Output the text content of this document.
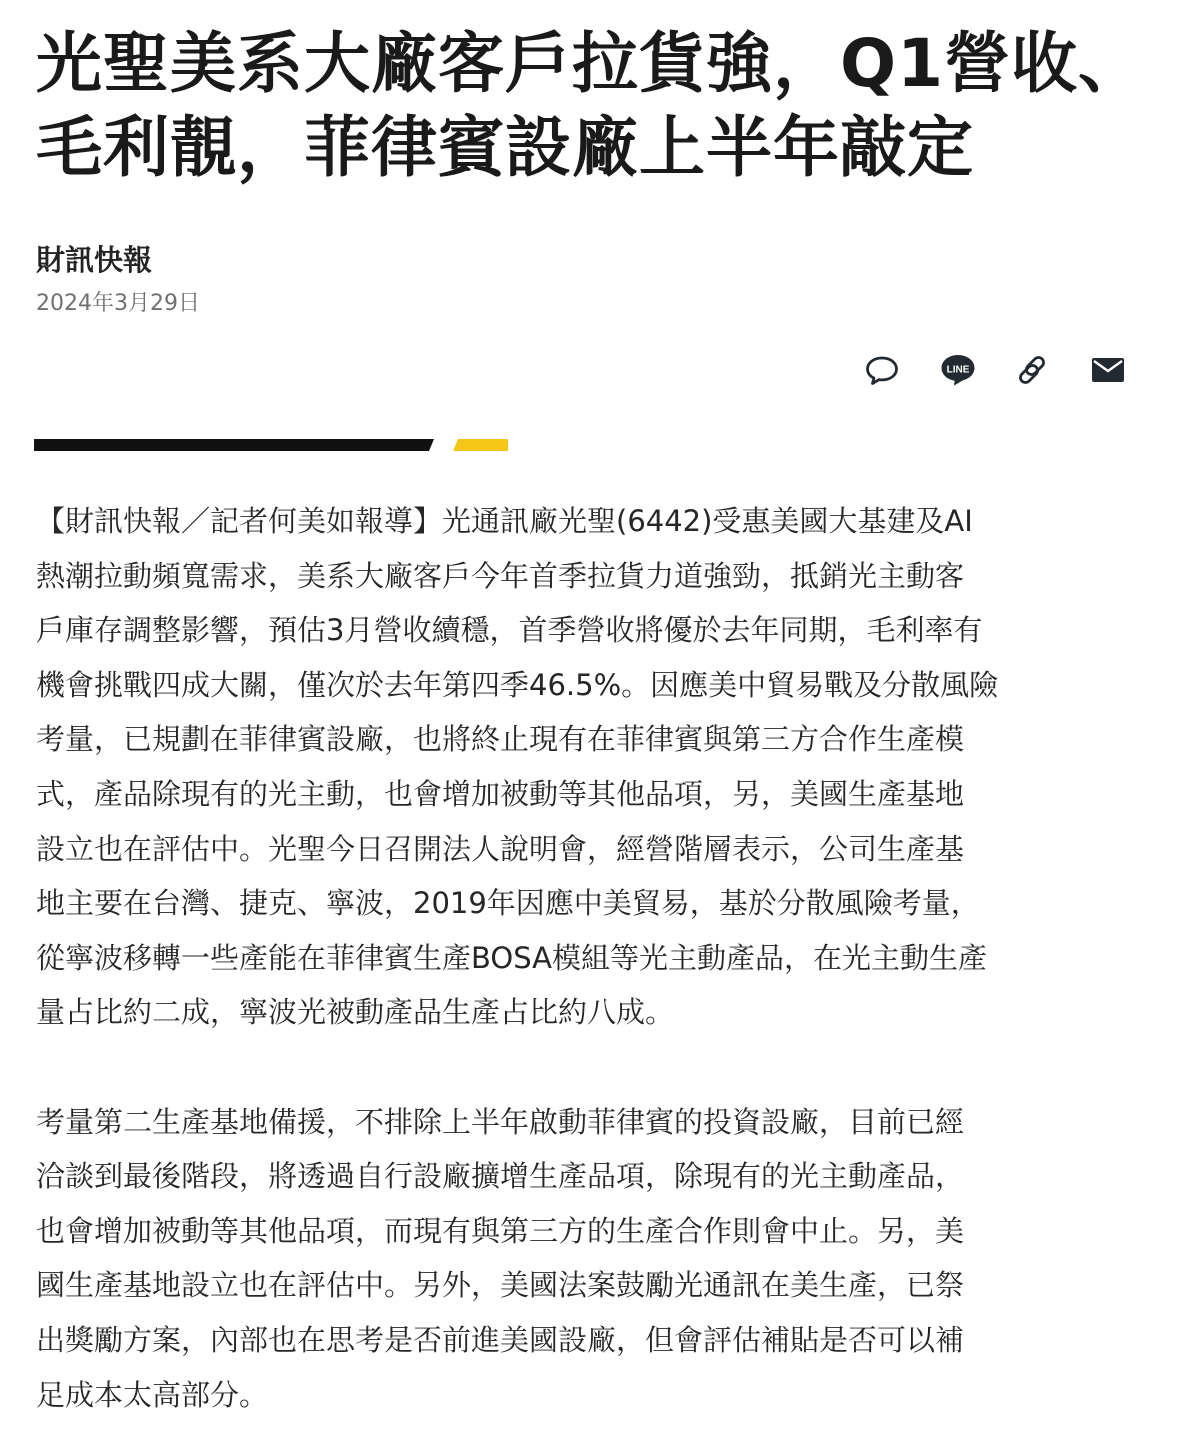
光聖美系大廠客戶拉貨強，Q1營收、
毛利靚，菲律賓設廠上半年敲定
財訊快報
2024年3月29日
LINE

【財訊快報／記者何美如報導】光通訊廠光聖(6442)受惠美國大基建及AI
熱潮拉動頻寬需求，美系大廠客戶今年首季拉貨力道強勁，抵銷光主動客
戶庫存調整影響，預估3月營收續穩，首季營收將優於去年同期，毛利率有
機會挑戰四成大關，僅次於去年第四季46.5%。因應美中貿易戰及分散風險
考量，已規劃在菲律賓設廠，也將終止現有在菲律賓與第三方合作生產模
式，產品除現有的光主動，也會增加被動等其他品項，另，美國生產基地
設立也在評估中。光聖今日召開法人說明會，經營階層表示，公司生產基
地主要在台灣、捷克、寧波，2019年因應中美貿易，基於分散風險考量，
從寧波移轉一些產能在菲律賓生產BOSA模組等光主動產品，在光主動生產
量占比約二成，寧波光被動產品生產占比約八成。

考量第二生產基地備援，不排除上半年啟動菲律賓的投資設廠，目前已經
洽談到最後階段，將透過自行設廠擴增生產品項，除現有的光主動產品，
也會增加被動等其他品項，而現有與第三方的生產合作則會中止。另，美
國生產基地設立也在評估中。另外，美國法案鼓勵光通訊在美生產，已祭
出獎勵方案，內部也在思考是否前進美國設廠，但會評估補貼是否可以補
足成本太高部分。
